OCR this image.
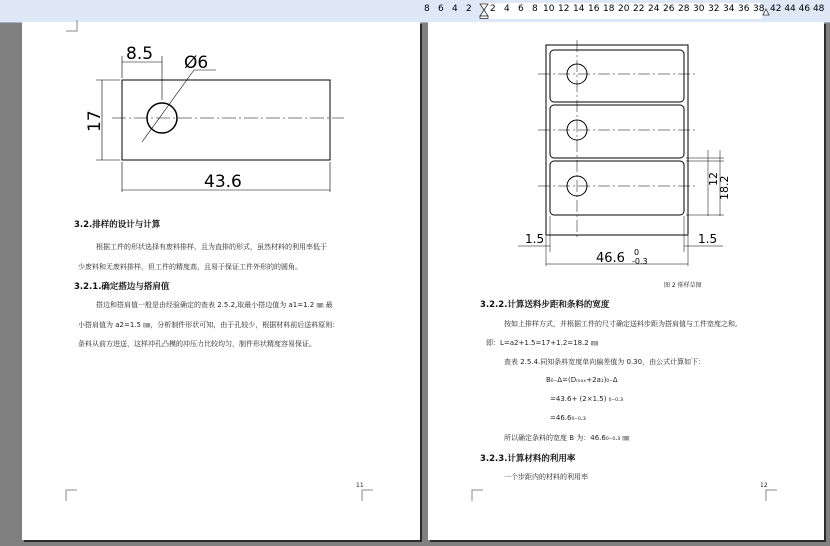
8 6 4 2 2 4 6 8 10 12 14 16 18 20 22 24 26 28 30 32 34 36 38 42 44 46 48
8.5 Ø6
17
43.6
3.2.排样的设计与计算
根据工件的形状选择有废料排样，且为直排的形式，虽然材料的利用率低于
少废料和无废料排样，但工件的精度高，且易于保证工件外形的的圆角。
3.2.1.确定搭边与搭肩值
搭边和搭肩值一般是由经验确定的查表 2.5.2,取最小搭边值为 a1=1.2 ㎜ 最
小搭肩值为 a2=1.5 ㎜，分析制件形状可知，由于孔较少，根据材料前后送料原则：
条料从前方进送，这样冲孔凸模的冲压力比较均匀，制件形状精度容易保证。
11
12
18.2
1.5	1.5
46.6 0
-0.3
图 2 排样草图
3.2.2.计算送料步距和条料的宽度
按如上排样方式，并根据工件的尺寸确定送料步距为搭肩值与工件宽度之和,
即：L=a2+1.5=17+1.2=18.2 ㎜
查表 2.5.4.同知条料宽度单向偏差值为 0.30，由公式计算如下：
B₀₋Δ=(Dₘₐₓ+2a₁)₀₋Δ
=43.6+ (2×1.5) ₀₋₀.₃
=46.6₀₋₀.₃
所以确定条料的宽度 B 为：46.6₀₋₀.₃ ㎜
3.2.3.计算材料的利用率
一个步距内的材料的利用率
12
